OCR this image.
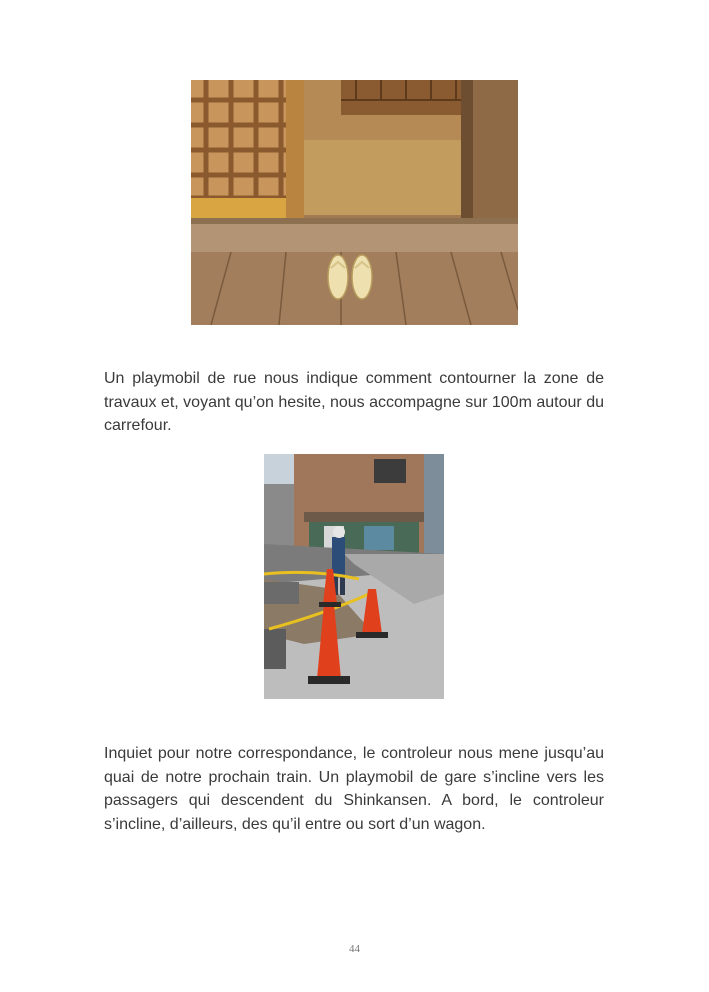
Un playmobil de rue nous indique comment contourner la zone de travaux et, voyant qu’on hesite, nous accompagne sur 100m autour du carrefour.

Inquiet pour notre correspondance, le controleur nous mene jusqu’au quai de notre prochain train. Un playmobil de gare s’incline vers les passagers qui descendent du Shinkansen. A bord, le controleur s’incline, d’ailleurs, des qu’il entre ou sort d’un wagon.

44
